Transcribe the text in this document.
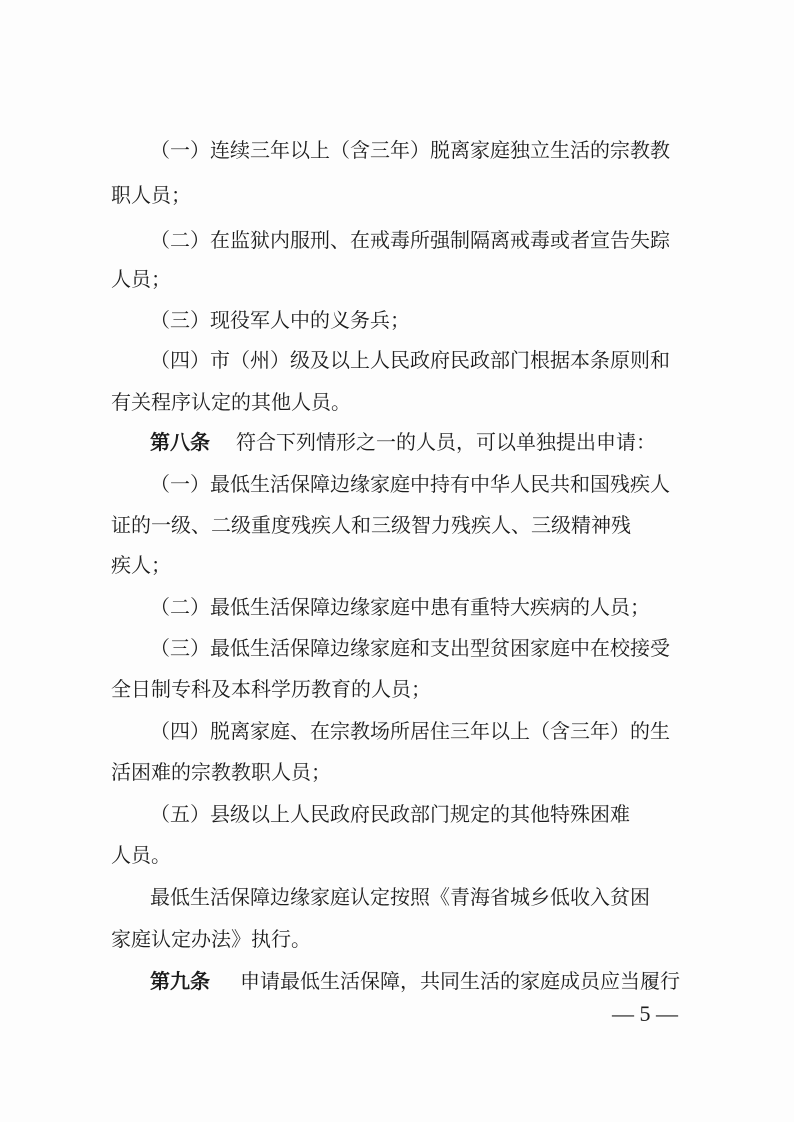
（一）连续三年以上（含三年）脱离家庭独立生活的宗教教
职人员；
（二）在监狱内服刑、在戒毒所强制隔离戒毒或者宣告失踪
人员；
（三）现役军人中的义务兵；
（四）市（州）级及以上人民政府民政部门根据本条原则和
有关程序认定的其他人员。
第八条 符合下列情形之一的人员，可以单独提出申请：
（一）最低生活保障边缘家庭中持有中华人民共和国残疾人
证的一级、二级重度残疾人和三级智力残疾人、三级精神残
疾人；
（二）最低生活保障边缘家庭中患有重特大疾病的人员；
（三）最低生活保障边缘家庭和支出型贫困家庭中在校接受
全日制专科及本科学历教育的人员；
（四）脱离家庭、在宗教场所居住三年以上（含三年）的生
活困难的宗教教职人员；
（五）县级以上人民政府民政部门规定的其他特殊困难
人员。
最低生活保障边缘家庭认定按照《青海省城乡低收入贫困
家庭认定办法》执行。
第九条 申请最低生活保障，共同生活的家庭成员应当履行
— 5 —
